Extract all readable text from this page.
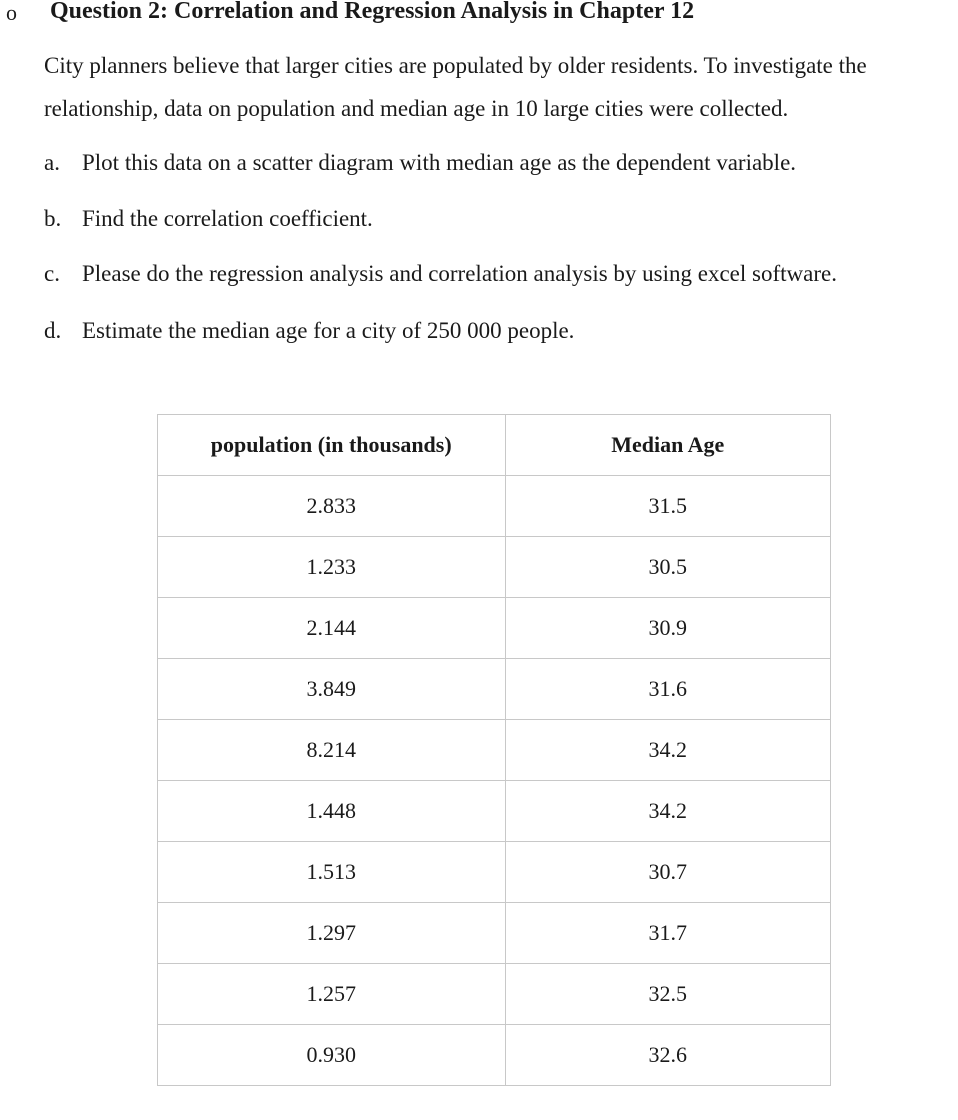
o Question 2: Correlation and Regression Analysis in Chapter 12
City planners believe that larger cities are populated by older residents. To investigate the
relationship, data on population and median age in 10 large cities were collected.
a. Plot this data on a scatter diagram with median age as the dependent variable.
b. Find the correlation coefficient.
c. Please do the regression analysis and correlation analysis by using excel software.
d. Estimate the median age for a city of 250 000 people.
population (in thousands)	Median Age
2.833	31.5
1.233	30.5
2.144	30.9
3.849	31.6
8.214	34.2
1.448	34.2
1.513	30.7
1.297	31.7
1.257	32.5
0.930	32.6
